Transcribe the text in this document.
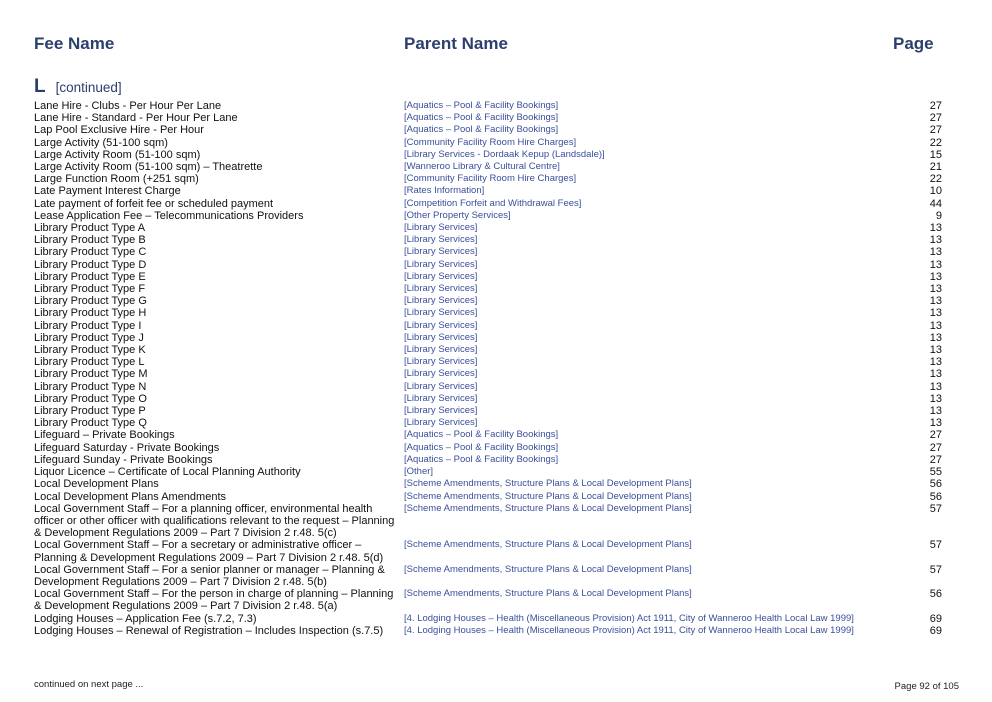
Fee Name	Parent Name	Page
L [continued]
Lane Hire - Clubs - Per Hour Per Lane	[Aquatics – Pool & Facility Bookings]	27
Lane Hire - Standard - Per Hour Per Lane	[Aquatics – Pool & Facility Bookings]	27
Lap Pool Exclusive Hire - Per Hour	[Aquatics – Pool & Facility Bookings]	27
Large Activity (51-100 sqm)	[Community Facility Room Hire Charges]	22
Large Activity Room (51-100 sqm)	[Library Services - Dordaak Kepup (Landsdale)]	15
Large Activity Room (51-100 sqm) – Theatrette	[Wanneroo Library & Cultural Centre]	21
Large Function Room (+251 sqm)	[Community Facility Room Hire Charges]	22
Late Payment Interest Charge	[Rates Information]	10
Late payment of forfeit fee or scheduled payment	[Competition Forfeit and Withdrawal Fees]	44
Lease Application Fee – Telecommunications Providers	[Other Property Services]	9
Library Product Type A	[Library Services]	13
Library Product Type B	[Library Services]	13
Library Product Type C	[Library Services]	13
Library Product Type D	[Library Services]	13
Library Product Type E	[Library Services]	13
Library Product Type F	[Library Services]	13
Library Product Type G	[Library Services]	13
Library Product Type H	[Library Services]	13
Library Product Type I	[Library Services]	13
Library Product Type J	[Library Services]	13
Library Product Type K	[Library Services]	13
Library Product Type L	[Library Services]	13
Library Product Type M	[Library Services]	13
Library Product Type N	[Library Services]	13
Library Product Type O	[Library Services]	13
Library Product Type P	[Library Services]	13
Library Product Type Q	[Library Services]	13
Lifeguard – Private Bookings	[Aquatics – Pool & Facility Bookings]	27
Lifeguard Saturday - Private Bookings	[Aquatics – Pool & Facility Bookings]	27
Lifeguard Sunday - Private Bookings	[Aquatics – Pool & Facility Bookings]	27
Liquor Licence – Certificate of Local Planning Authority	[Other]	55
Local Development Plans	[Scheme Amendments, Structure Plans & Local Development Plans]	56
Local Development Plans Amendments	[Scheme Amendments, Structure Plans & Local Development Plans]	56
Local Government Staff – For a planning officer, environmental health officer or other officer with qualifications relevant to the request – Planning & Development Regulations 2009 – Part 7 Division 2 r.48. 5(c)
[Scheme Amendments, Structure Plans & Local Development Plans]	57
Local Government Staff – For a secretary or administrative officer – Planning & Development Regulations 2009 – Part 7 Division 2 r.48. 5(d)
[Scheme Amendments, Structure Plans & Local Development Plans]	57
Local Government Staff – For a senior planner or manager – Planning & Development Regulations 2009 – Part 7 Division 2 r.48. 5(b)
[Scheme Amendments, Structure Plans & Local Development Plans]	57
Local Government Staff – For the person in charge of planning – Planning & Development Regulations 2009 – Part 7 Division 2 r.48. 5(a)
[Scheme Amendments, Structure Plans & Local Development Plans]	56
Lodging Houses – Application Fee (s.7.2, 7.3)	[4. Lodging Houses – Health (Miscellaneous Provision) Act 1911, City of Wanneroo Health Local Law 1999]	69
Lodging Houses – Renewal of Registration – Includes Inspection (s.7.5)	[4. Lodging Houses – Health (Miscellaneous Provision) Act 1911, City of Wanneroo Health Local Law 1999]	69
continued on next page ...	Page 92 of 105
